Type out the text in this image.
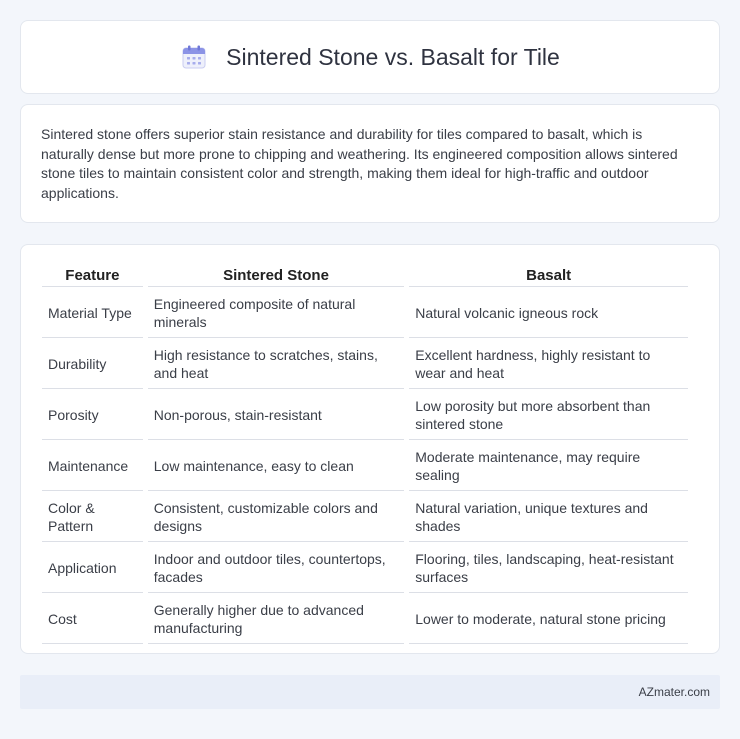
Sintered Stone vs. Basalt for Tile

Sintered stone offers superior stain resistance and durability for tiles compared to basalt, which is naturally dense but more prone to chipping and weathering. Its engineered composition allows sintered stone tiles to maintain consistent color and strength, making them ideal for high-traffic and outdoor applications.

Feature	Sintered Stone	Basalt
Material Type	Engineered composite of natural minerals	Natural volcanic igneous rock
Durability	High resistance to scratches, stains, and heat	Excellent hardness, highly resistant to wear and heat
Porosity	Non-porous, stain-resistant	Low porosity but more absorbent than sintered stone
Maintenance	Low maintenance, easy to clean	Moderate maintenance, may require sealing
Color & Pattern	Consistent, customizable colors and designs	Natural variation, unique textures and shades
Application	Indoor and outdoor tiles, countertops, facades	Flooring, tiles, landscaping, heat-resistant surfaces
Cost	Generally higher due to advanced manufacturing	Lower to moderate, natural stone pricing
AZmater.com
